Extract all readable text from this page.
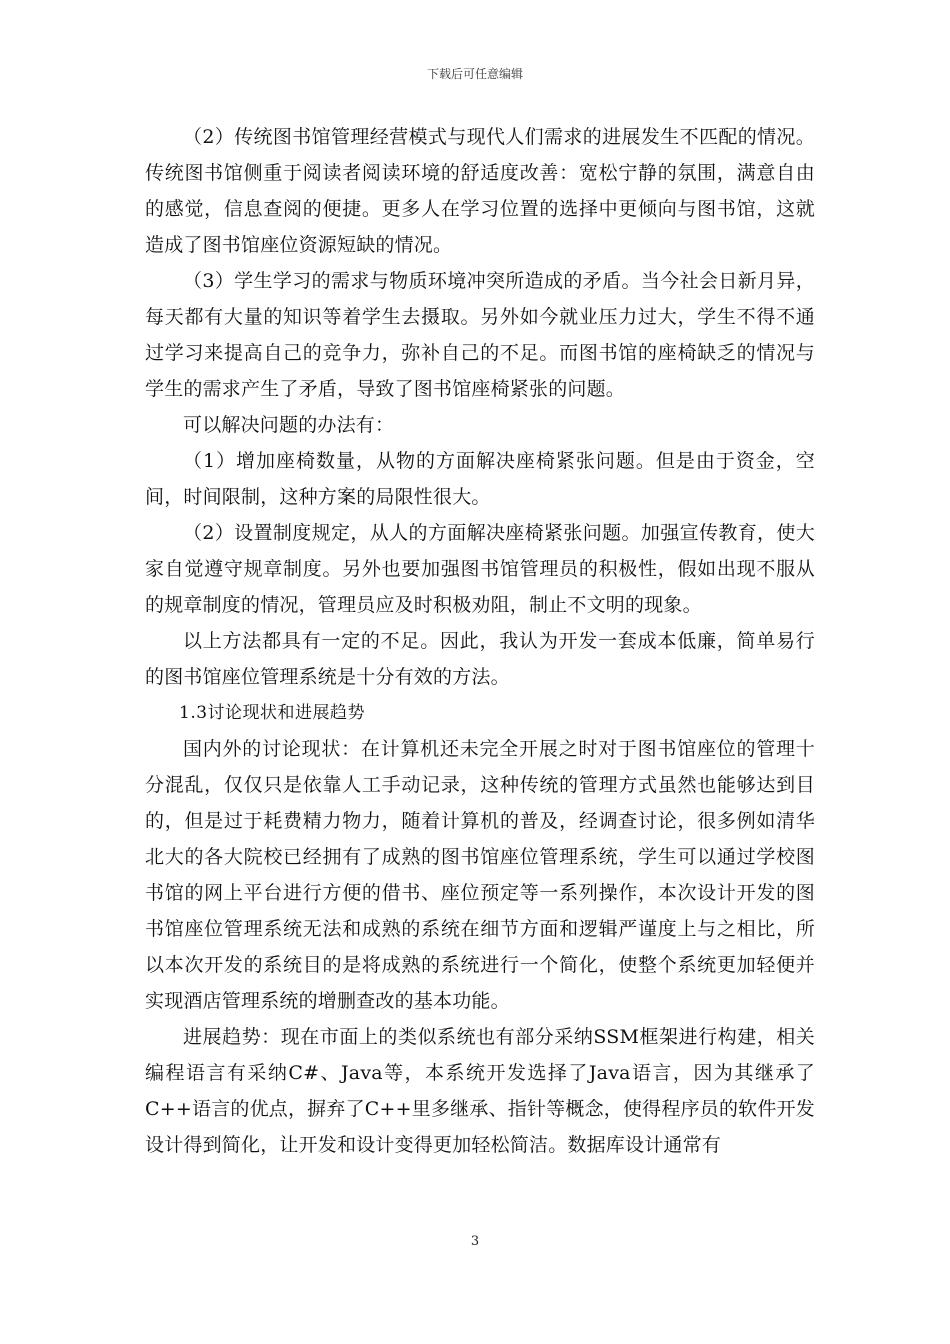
下载后可任意编辑

（2）传统图书馆管理经营模式与现代人们需求的进展发生不匹配的情况。传统图书馆侧重于阅读者阅读环境的舒适度改善：宽松宁静的氛围，满意自由的感觉，信息查阅的便捷。更多人在学习位置的选择中更倾向与图书馆，这就造成了图书馆座位资源短缺的情况。

（3）学生学习的需求与物质环境冲突所造成的矛盾。当今社会日新月异，每天都有大量的知识等着学生去摄取。另外如今就业压力过大，学生不得不通过学习来提高自己的竞争力，弥补自己的不足。而图书馆的座椅缺乏的情况与学生的需求产生了矛盾，导致了图书馆座椅紧张的问题。

可以解决问题的办法有：

（1）增加座椅数量，从物的方面解决座椅紧张问题。但是由于资金，空间，时间限制，这种方案的局限性很大。

（2）设置制度规定，从人的方面解决座椅紧张问题。加强宣传教育，使大家自觉遵守规章制度。另外也要加强图书馆管理员的积极性，假如出现不服从的规章制度的情况，管理员应及时积极劝阻，制止不文明的现象。

以上方法都具有一定的不足。因此，我认为开发一套成本低廉，简单易行的图书馆座位管理系统是十分有效的方法。

1.3讨论现状和进展趋势

国内外的讨论现状：在计算机还未完全开展之时对于图书馆座位的管理十分混乱，仅仅只是依靠人工手动记录，这种传统的管理方式虽然也能够达到目的，但是过于耗费精力物力，随着计算机的普及，经调查讨论，很多例如清华北大的各大院校已经拥有了成熟的图书馆座位管理系统，学生可以通过学校图书馆的网上平台进行方便的借书、座位预定等一系列操作，本次设计开发的图书馆座位管理系统无法和成熟的系统在细节方面和逻辑严谨度上与之相比，所以本次开发的系统目的是将成熟的系统进行一个简化，使整个系统更加轻便并实现酒店管理系统的增删查改的基本功能。

进展趋势：现在市面上的类似系统也有部分采纳SSM框架进行构建，相关编程语言有采纳C#、Java等，本系统开发选择了Java语言，因为其继承了C++语言的优点，摒弃了C++里多继承、指针等概念，使得程序员的软件开发设计得到简化，让开发和设计变得更加轻松简洁。数据库设计通常有

3
